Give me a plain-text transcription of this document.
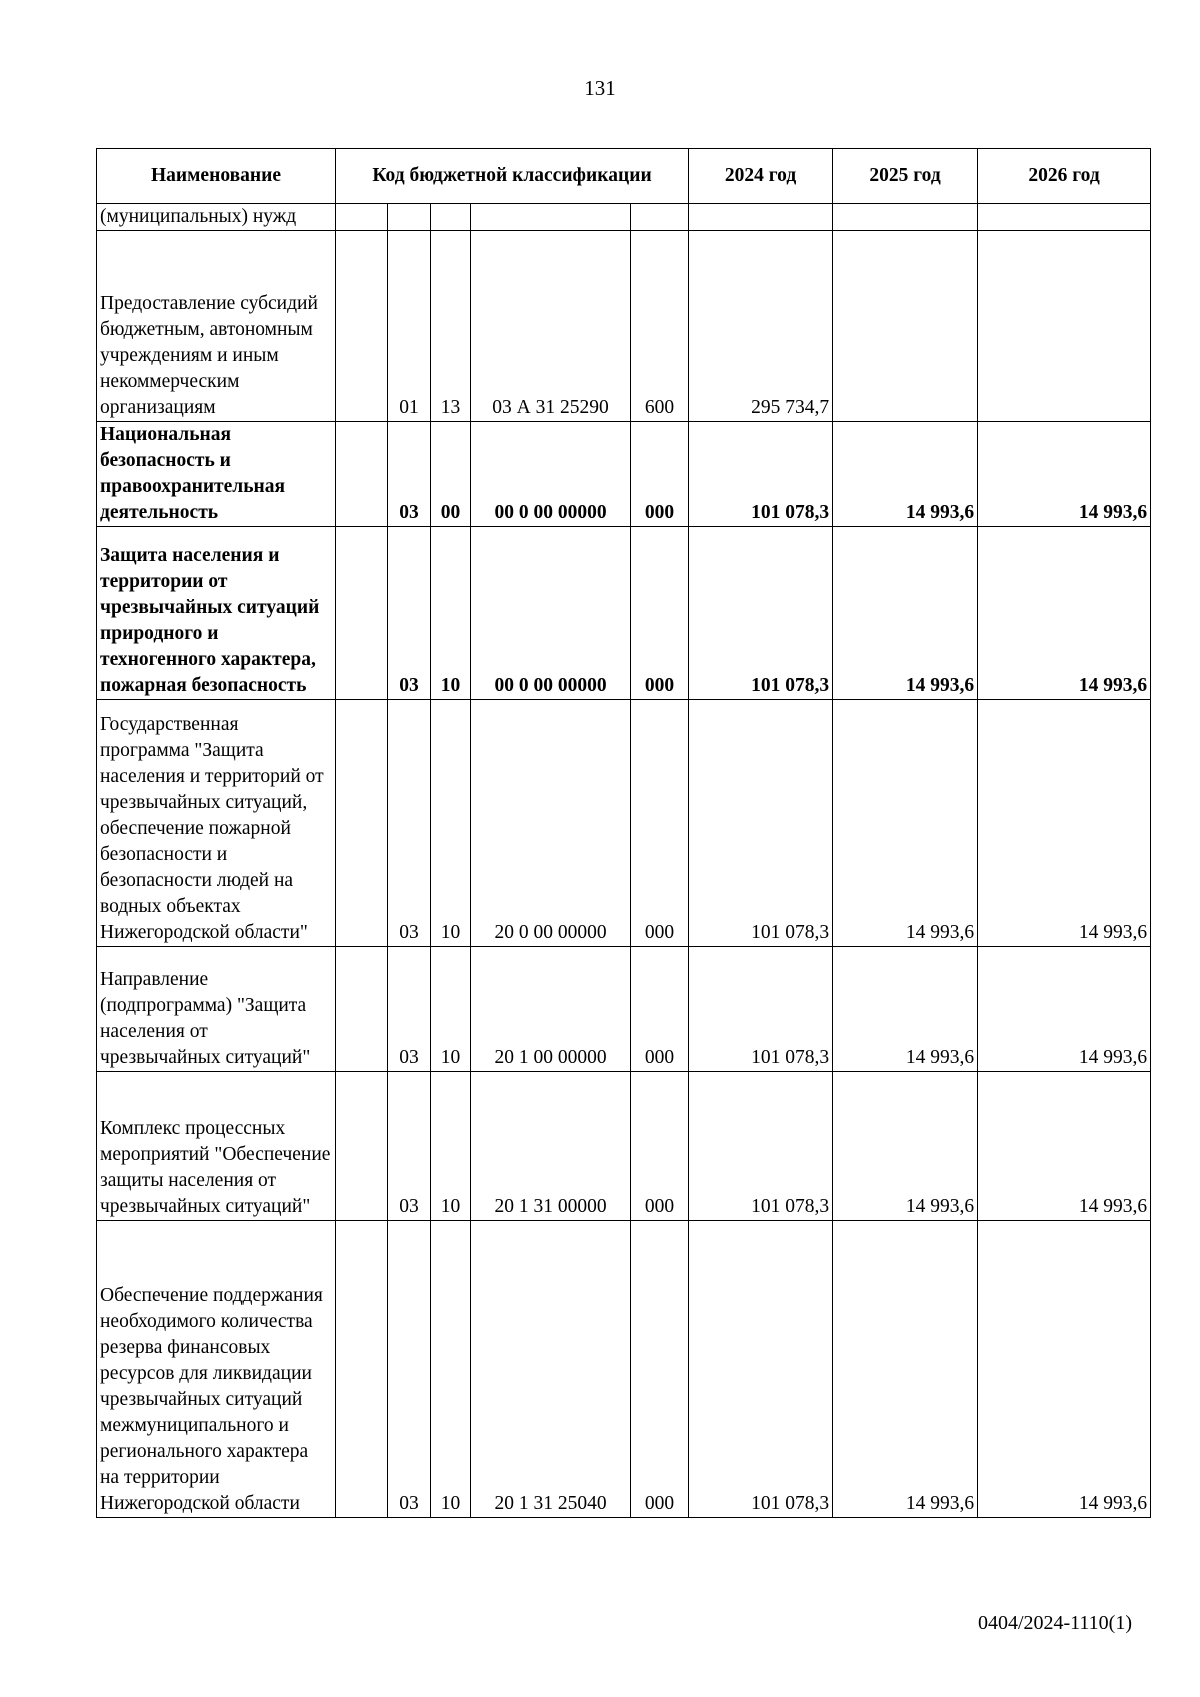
131
Наименование	Код бюджетной классификации					2024 год	2025 год	2026 год
(муниципальных) нужд								
Предоставление субсидий бюджетным, автономным учреждениям и иным некоммерческим организациям		01	13	03 А 31 25290	600	295 734,7		
Национальная безопасность и правоохранительная деятельность		03	00	00 0 00 00000	000	101 078,3	14 993,6	14 993,6
Защита населения и территории от чрезвычайных ситуаций природного и техногенного характера, пожарная безопасность		03	10	00 0 00 00000	000	101 078,3	14 993,6	14 993,6
Государственная программа "Защита населения и территорий от чрезвычайных ситуаций, обеспечение пожарной безопасности и безопасности людей на водных объектах Нижегородской области"		03	10	20 0 00 00000	000	101 078,3	14 993,6	14 993,6
Направление (подпрограмма) "Защита населения от чрезвычайных ситуаций"		03	10	20 1 00 00000	000	101 078,3	14 993,6	14 993,6
Комплекс процессных мероприятий "Обеспечение защиты населения от чрезвычайных ситуаций"		03	10	20 1 31 00000	000	101 078,3	14 993,6	14 993,6
Обеспечение поддержания необходимого количества резерва финансовых ресурсов для ликвидации чрезвычайных ситуаций межмуниципального и регионального характера на территории Нижегородской области		03	10	20 1 31 25040	000	101 078,3	14 993,6	14 993,6
0404/2024-1110(1)
